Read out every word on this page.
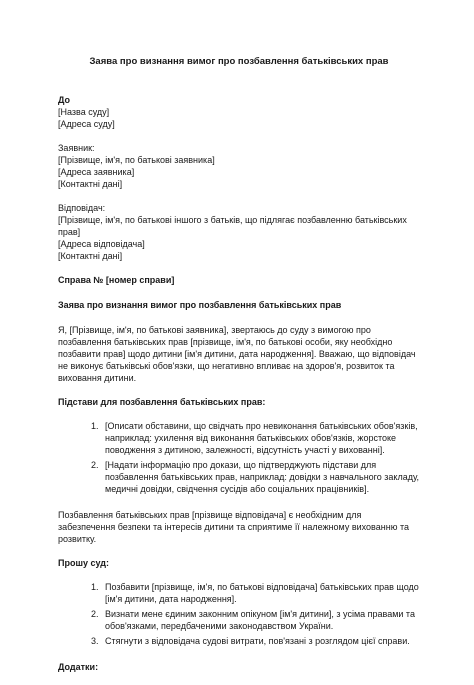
Заява про визнання вимог про позбавлення батьківських прав
До
[Назва суду]
[Адреса суду]
Заявник:
[Прізвище, ім'я, по батькові заявника]
[Адреса заявника]
[Контактні дані]
Відповідач:
[Прізвище, ім'я, по батькові іншого з батьків, що підлягає позбавленню батьківських прав]
[Адреса відповідача]
[Контактні дані]
Справа № [номер справи]
Заява про визнання вимог про позбавлення батьківських прав

Я, [Прізвище, ім'я, по батькові заявника], звертаюсь до суду з вимогою про позбавлення батьківських прав [прізвище, ім'я, по батькові особи, яку необхідно позбавити прав] щодо дитини [ім'я дитини, дата народження]. Вважаю, що відповідач не виконує батьківські обов'язки, що негативно впливає на здоров'я, розвиток та виховання дитини.

Підстави для позбавлення батьківських прав:
1. [Описати обставини, що свідчать про невиконання батьківських обов'язків, наприклад: ухилення від виконання батьківських обов'язків, жорстоке поводження з дитиною, залежності, відсутність участі у вихованні].
2. [Надати інформацію про докази, що підтверджують підстави для позбавлення батьківських прав, наприклад: довідки з навчального закладу, медичні довідки, свідчення сусідів або соціальних працівників].

Позбавлення батьківських прав [прізвище відповідача] є необхідним для забезпечення безпеки та інтересів дитини та сприятиме її належному вихованню та розвитку.

Прошу суд:
1. Позбавити [прізвище, ім'я, по батькові відповідача] батьківських прав щодо [ім'я дитини, дата народження].
2. Визнати мене єдиним законним опікуном [ім'я дитини], з усіма правами та обов'язками, передбаченими законодавством України.
3. Стягнути з відповідача судові витрати, пов'язані з розглядом цієї справи.
Додатки:
